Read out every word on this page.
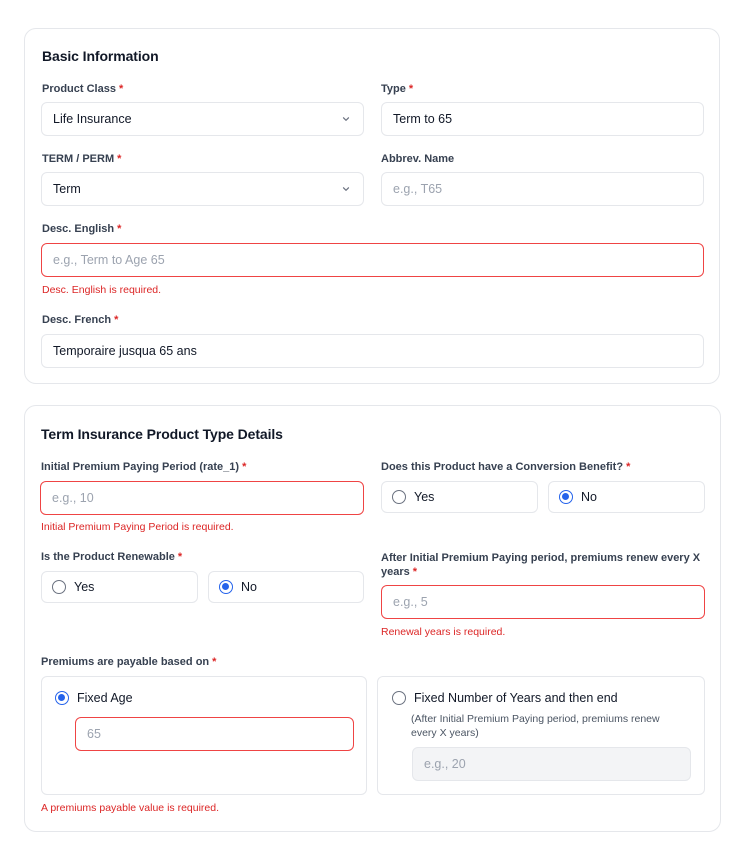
Basic Information
Product Class *
Life Insurance
Type *
Term to 65
TERM / PERM *
Term
Abbrev. Name
e.g., T65
Desc. English *
e.g., Term to Age 65
Desc. English is required.
Desc. French *
Temporaire jusqua 65 ans
Term Insurance Product Type Details
Initial Premium Paying Period (rate_1) *
e.g., 10
Initial Premium Paying Period is required.
Does this Product have a Conversion Benefit? *
Yes	No
Is the Product Renewable *
Yes	No
After Initial Premium Paying period, premiums renew every X years *
e.g., 5
Renewal years is required.
Premiums are payable based on *
Fixed Age
65
Fixed Number of Years and then end
(After Initial Premium Paying period, premiums renew every X years)
e.g., 20
A premiums payable value is required.
